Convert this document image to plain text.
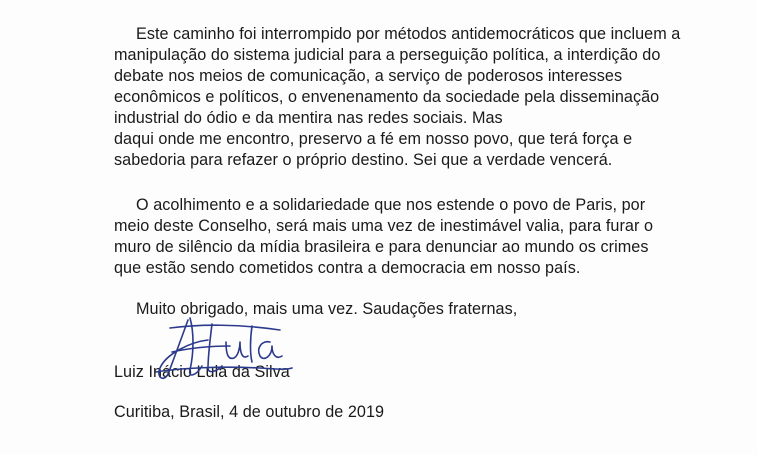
Este caminho foi interrompido por métodos antidemocráticos que incluem a
manipulação do sistema judicial para a perseguição política, a interdição do
debate nos meios de comunicação, a serviço de poderosos interesses
econômicos e políticos, o envenenamento da sociedade pela disseminação
industrial do ódio e da mentira nas redes sociais. Mas
daqui onde me encontro, preservo a fé em nosso povo, que terá força e
sabedoria para refazer o próprio destino. Sei que a verdade vencerá.
O acolhimento e a solidariedade que nos estende o povo de Paris, por
meio deste Conselho, será mais uma vez de inestimável valia, para furar o
muro de silêncio da mídia brasileira e para denunciar ao mundo os crimes
que estão sendo cometidos contra a democracia em nosso país.
Muito obrigado, mais uma vez. Saudações fraternas,
Luiz Inácio Lula da Silva
Curitiba, Brasil, 4 de outubro de 2019
